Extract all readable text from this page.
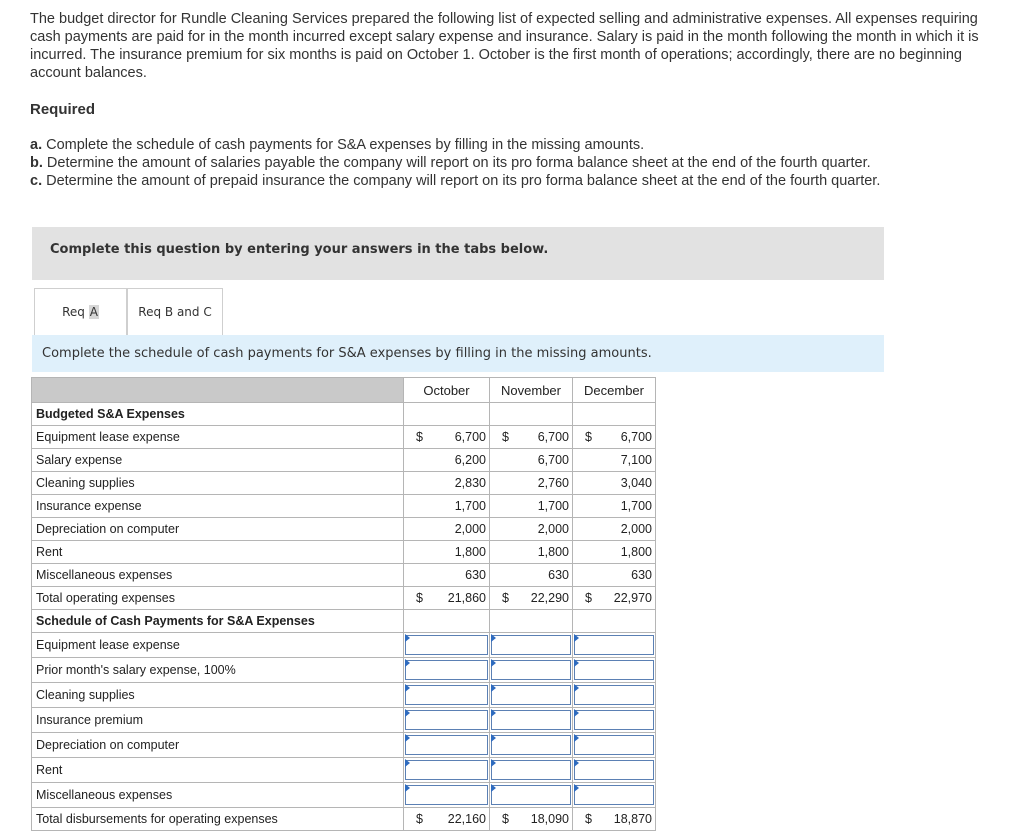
The budget director for Rundle Cleaning Services prepared the following list of expected selling and administrative expenses. All expenses requiring cash payments are paid for in the month incurred except salary expense and insurance. Salary is paid in the month following the month in which it is incurred. The insurance premium for six months is paid on October 1. October is the first month of operations; accordingly, there are no beginning account balances.
Required
a. Complete the schedule of cash payments for S&A expenses by filling in the missing amounts.
b. Determine the amount of salaries payable the company will report on its pro forma balance sheet at the end of the fourth quarter.
c. Determine the amount of prepaid insurance the company will report on its pro forma balance sheet at the end of the fourth quarter.
Complete this question by entering your answers in the tabs below.
Req A	Req B and C
Complete the schedule of cash payments for S&A expenses by filling in the missing amounts.
	October	November	December
Budgeted S&A Expenses			
Equipment lease expense	$ 6,700	$ 6,700	$ 6,700
Salary expense	6,200	6,700	7,100
Cleaning supplies	2,830	2,760	3,040
Insurance expense	1,700	1,700	1,700
Depreciation on computer	2,000	2,000	2,000
Rent	1,800	1,800	1,800
Miscellaneous expenses	630	630	630
Total operating expenses	$ 21,860	$ 22,290	$ 22,970
Schedule of Cash Payments for S&A Expenses			
Equipment lease expense	

Prior month's salary expense, 100%	

Cleaning supplies	

Insurance premium	

Depreciation on computer	

Rent	

Miscellaneous expenses	

Total disbursements for operating expenses	$ 22,160	$ 18,090	$ 18,870
